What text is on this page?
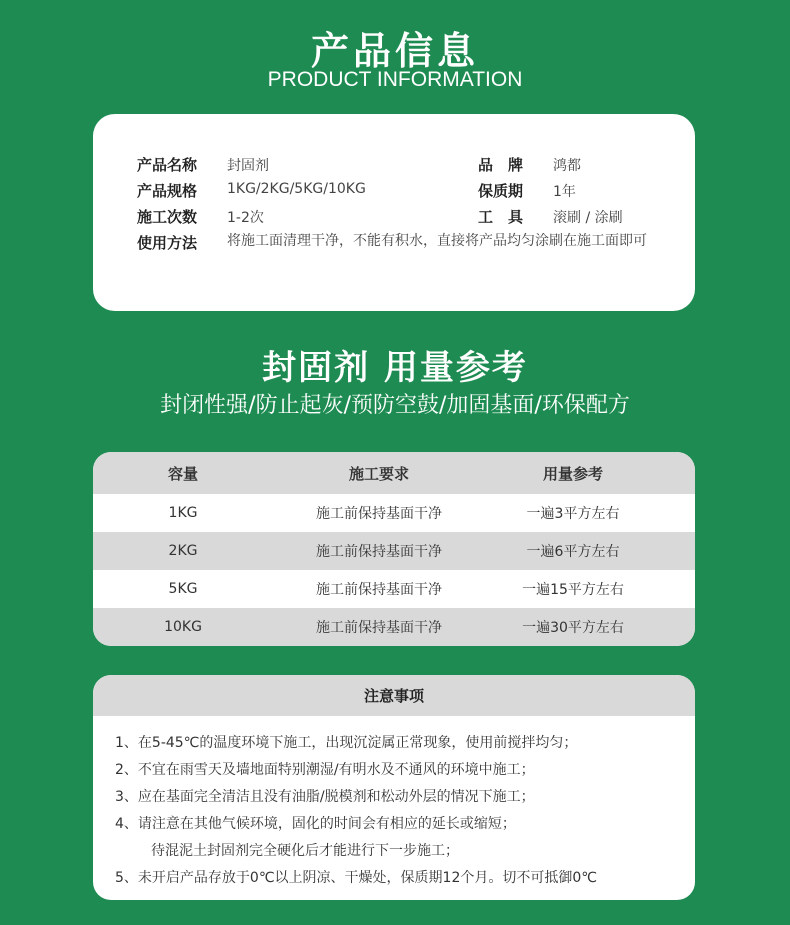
产品信息
PRODUCT INFORMATION
产品名称	封固剂
产品规格	1KG/2KG/5KG/10KG
施工次数	1-2次
使用方法	将施工面清理干净，不能有积水，直接将产品均匀涂刷在施工面即可
品　牌	鸿都
保质期	1年
工　具	滚刷 / 涂刷
封固剂 用量参考
封闭性强/防止起灰/预防空鼓/加固基面/环保配方
容量	施工要求	用量参考
1KG	施工前保持基面干净	一遍3平方左右
2KG	施工前保持基面干净	一遍6平方左右
5KG	施工前保持基面干净	一遍15平方左右
10KG	施工前保持基面干净	一遍30平方左右
注意事项
1、在5-45℃的温度环境下施工，出现沉淀属正常现象，使用前搅拌均匀；
2、不宜在雨雪天及墙地面特别潮湿/有明水及不通风的环境中施工；
3、应在基面完全清洁且没有油脂/脱模剂和松动外层的情况下施工；
4、请注意在其他气候环境，固化的时间会有相应的延长或缩短；
待混泥土封固剂完全硬化后才能进行下一步施工；
5、未开启产品存放于0℃以上阴凉、干燥处，保质期12个月。切不可抵御0℃
